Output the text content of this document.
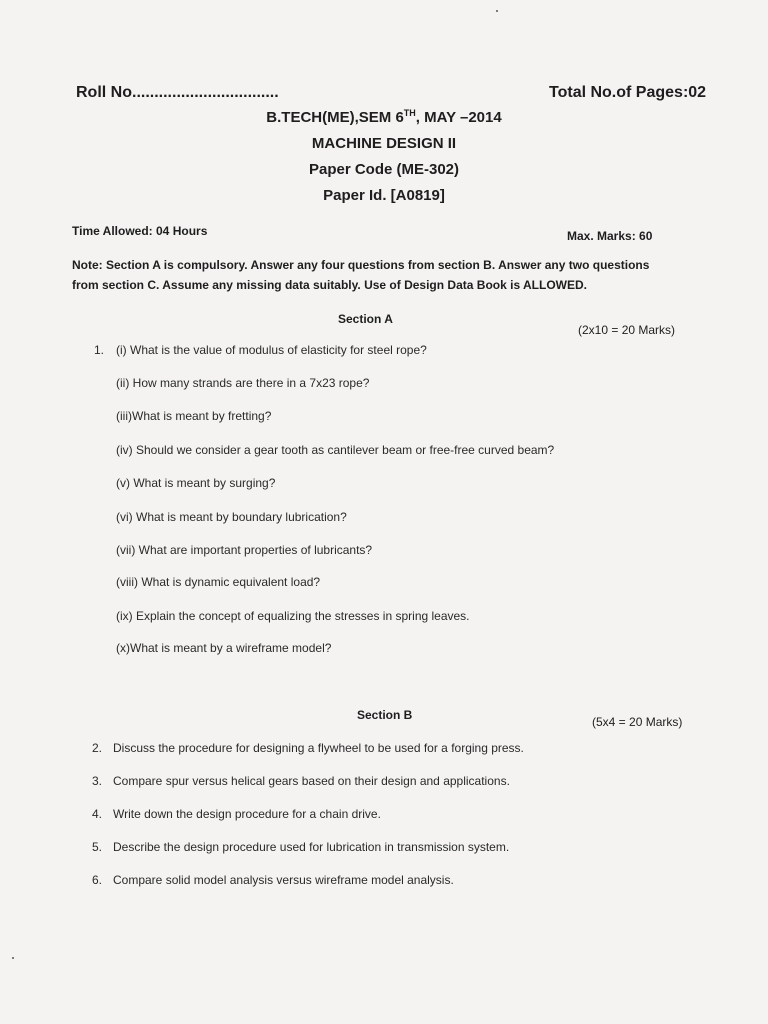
Roll No.................................	Total No.of Pages:02
B.TECH(ME),SEM 6TH, MAY –2014
MACHINE DESIGN II
Paper Code (ME-302)
Paper Id. [A0819]
Time Allowed: 04 Hours	Max. Marks: 60
Note: Section A is compulsory. Answer any four questions from section B. Answer any two questions
from section C. Assume any missing data suitably. Use of Design Data Book is ALLOWED.
Section A
(2x10 = 20 Marks)
1. (i) What is the value of modulus of elasticity for steel rope?
(ii) How many strands are there in a 7x23 rope?
(iii)What is meant by fretting?
(iv) Should we consider a gear tooth as cantilever beam or free-free curved beam?
(v) What is meant by surging?
(vi) What is meant by boundary lubrication?
(vii) What are important properties of lubricants?
(viii) What is dynamic equivalent load?
(ix) Explain the concept of equalizing the stresses in spring leaves.
(x)What is meant by a wireframe model?
Section B	(5x4 = 20 Marks)
2. Discuss the procedure for designing a flywheel to be used for a forging press.
3. Compare spur versus helical gears based on their design and applications.
4. Write down the design procedure for a chain drive.
5. Describe the design procedure used for lubrication in transmission system.
6. Compare solid model analysis versus wireframe model analysis.
